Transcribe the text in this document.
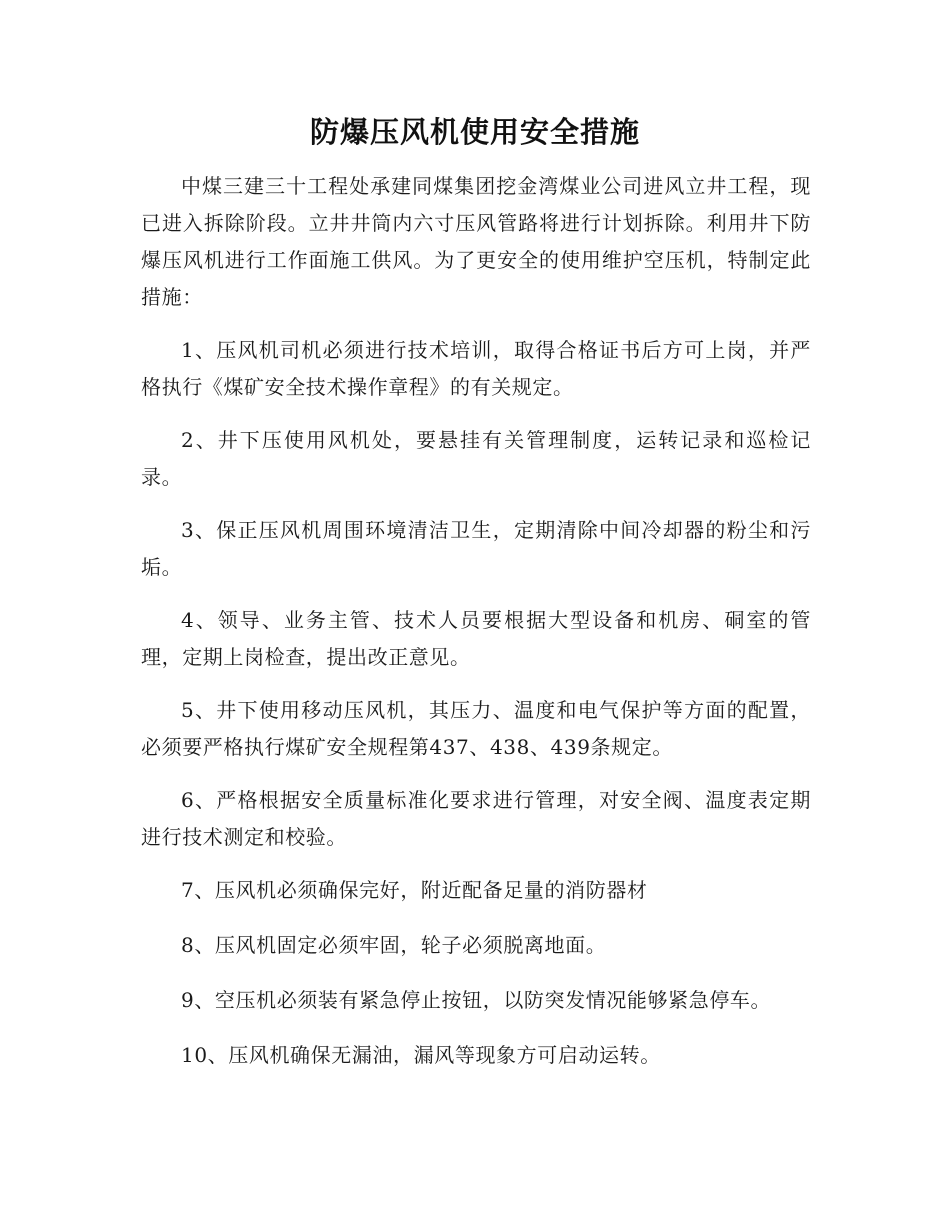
防爆压风机使用安全措施

中煤三建三十工程处承建同煤集团挖金湾煤业公司进风立井工程，现已进入拆除阶段。立井井筒内六寸压风管路将进行计划拆除。利用井下防爆压风机进行工作面施工供风。为了更安全的使用维护空压机，特制定此措施：

1、压风机司机必须进行技术培训，取得合格证书后方可上岗，并严格执行《煤矿安全技术操作章程》的有关规定。

2、井下压使用风机处，要悬挂有关管理制度，运转记录和巡检记录。

3、保正压风机周围环境清洁卫生，定期清除中间冷却器的粉尘和污垢。

4、领导、业务主管、技术人员要根据大型设备和机房、硐室的管理，定期上岗检查，提出改正意见。

5、井下使用移动压风机，其压力、温度和电气保护等方面的配置，必须要严格执行煤矿安全规程第437、438、439条规定。

6、严格根据安全质量标准化要求进行管理，对安全阀、温度表定期进行技术测定和校验。

7、压风机必须确保完好，附近配备足量的消防器材

8、压风机固定必须牢固，轮子必须脱离地面。

9、空压机必须装有紧急停止按钮，以防突发情况能够紧急停车。

10、压风机确保无漏油，漏风等现象方可启动运转。
